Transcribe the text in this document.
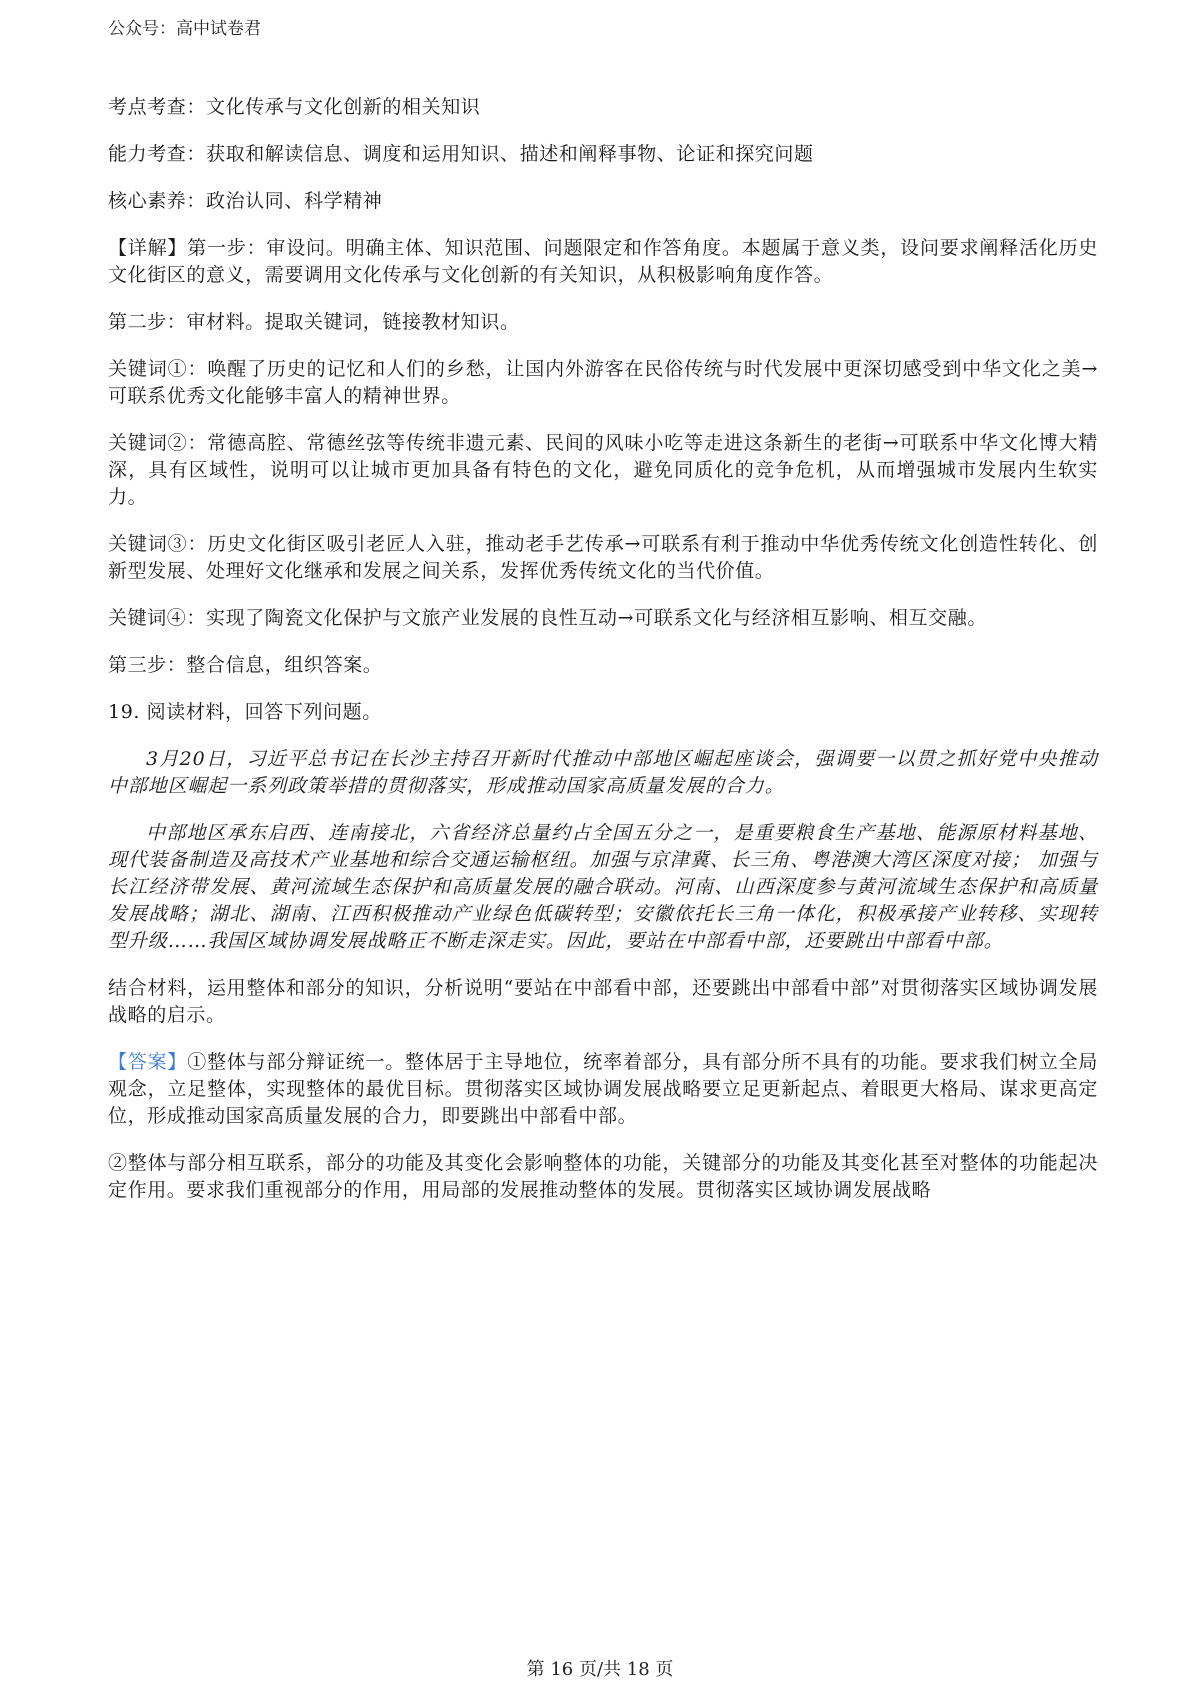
公众号：高中试卷君
考点考查：文化传承与文化创新的相关知识
能力考查：获取和解读信息、调度和运用知识、描述和阐释事物、论证和探究问题
核心素养：政治认同、科学精神
【详解】第一步：审设问。明确主体、知识范围、问题限定和作答角度。本题属于意义类，设问要求阐释活化历史文化街区的意义，需要调用文化传承与文化创新的有关知识，从积极影响角度作答。
第二步：审材料。提取关键词，链接教材知识。
关键词①：唤醒了历史的记忆和人们的乡愁，让国内外游客在民俗传统与时代发展中更深切感受到中华文化之美→可联系优秀文化能够丰富人的精神世界。
关键词②：常德高腔、常德丝弦等传统非遗元素、民间的风味小吃等走进这条新生的老街→可联系中华文化博大精深，具有区域性，说明可以让城市更加具备有特色的文化，避免同质化的竞争危机，从而增强城市发展内生软实力。
关键词③：历史文化街区吸引老匠人入驻，推动老手艺传承→可联系有利于推动中华优秀传统文化创造性转化、创新型发展、处理好文化继承和发展之间关系，发挥优秀传统文化的当代价值。
关键词④：实现了陶瓷文化保护与文旅产业发展的良性互动→可联系文化与经济相互影响、相互交融。
第三步：整合信息，组织答案。
19. 阅读材料，回答下列问题。
3月20日，习近平总书记在长沙主持召开新时代推动中部地区崛起座谈会，强调要一以贯之抓好党中央推动中部地区崛起一系列政策举措的贯彻落实，形成推动国家高质量发展的合力。
中部地区承东启西、连南接北，六省经济总量约占全国五分之一，是重要粮食生产基地、能源原材料基地、现代装备制造及高技术产业基地和综合交通运输枢纽。加强与京津冀、长三角、粤港澳大湾区深度对接； 加强与长江经济带发展、黄河流域生态保护和高质量发展的融合联动。河南、山西深度参与黄河流域生态保护和高质量发展战略；湖北、湖南、江西积极推动产业绿色低碳转型；安徽依托长三角一体化，积极承接产业转移、实现转型升级……我国区域协调发展战略正不断走深走实。因此，要站在中部看中部，还要跳出中部看中部。
结合材料，运用整体和部分的知识，分析说明“要站在中部看中部，还要跳出中部看中部”对贯彻落实区域协调发展战略的启示。
【答案】①整体与部分辩证统一。整体居于主导地位，统率着部分，具有部分所不具有的功能。要求我们树立全局观念，立足整体，实现整体的最优目标。贯彻落实区域协调发展战略要立足更新起点、着眼更大格局、谋求更高定位，形成推动国家高质量发展的合力，即要跳出中部看中部。
②整体与部分相互联系，部分的功能及其变化会影响整体的功能，关键部分的功能及其变化甚至对整体的功能起决定作用。要求我们重视部分的作用，用局部的发展推动整体的发展。贯彻落实区域协调发展战略
第 16 页/共 18 页
